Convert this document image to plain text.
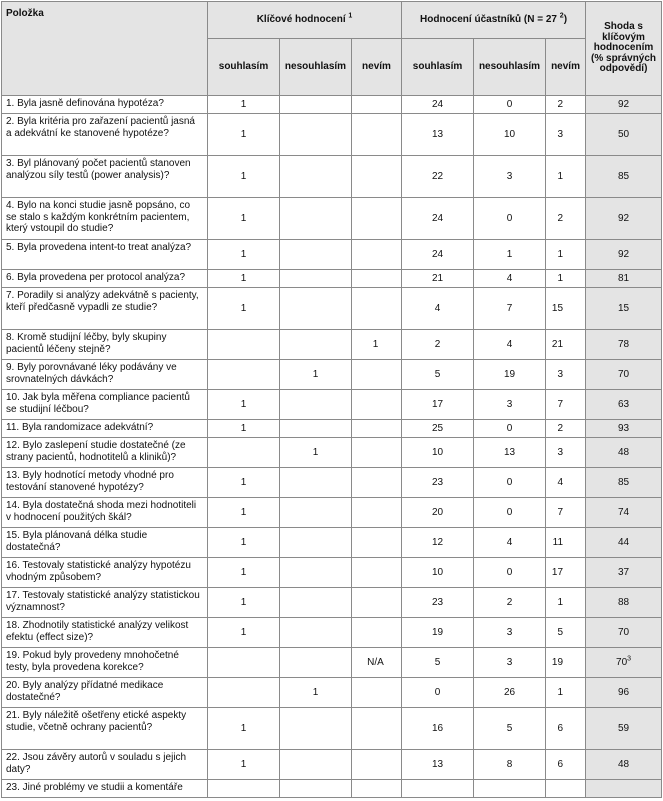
Položka	Klíčové hodnocení $^1$			Hodnocení účastníků (N = 27 $^2$)			Shoda s klíčovým hodnocením (% správných odpovědí)
	souhlasím	nesouhlasím	nevím	souhlasím	nesouhlasím	nevím	
1. Byla jasně definována hypotéza?	1			24	0	2	92
2. Byla kritéria pro zařazení pacientů jasná a adekvátní ke stanovené hypotéze?	1			13	10	3	50
3. Byl plánovaný počet pacientů stanoven analýzou síly testů (power analysis)?	1			22	3	1	85
4. Bylo na konci studie jasně popsáno, co se stalo s každým konkrétním pacientem, který vstoupil do studie?	1			24	0	2	92
5. Byla provedena intent-to treat analýza?	1			24	1	1	92
6. Byla provedena per protocol analýza?	1			21	4	1	81
7. Poradily si analýzy adekvátně s pacienty, kteří předčasně vypadli ze studie?	1			4	7	15	15
8. Kromě studijní léčby, byly skupiny pacientů léčeny stejně?			1	2	4	21	78
9. Byly porovnávané léky podávány ve srovnatelných dávkách?		1		5	19	3	70
10. Jak byla měřena compliance pacientů se studijní léčbou?	1			17	3	7	63
11. Byla randomizace adekvátní?	1			25	0	2	93
12. Bylo zaslepení studie dostatečné (ze strany pacientů, hodnotitelů a kliniků)?		1		10	13	3	48
13. Byly hodnotící metody vhodné pro testování stanovené hypotézy?	1			23	0	4	85
14. Byla dostatečná shoda mezi hodnotiteli v hodnocení použitých škál?	1			20	0	7	74
15. Byla plánovaná délka studie dostatečná?	1			12	4	11	44
16. Testovaly statistické analýzy hypotézu vhodným způsobem?	1			10	0	17	37
17. Testovaly statistické analýzy statistickou významnost?	1			23	2	1	88
18. Zhodnotily statistické analýzy velikost efektu (effect size)?	1			19	3	5	70
19. Pokud byly provedeny mnohočetné testy, byla provedena korekce?			N/A	5	3	19	$70^3$
20. Byly analýzy přídatné medikace dostatečné?		1		0	26	1	96
21. Byly náležitě ošetřeny etické aspekty studie, včetně ochrany pacientů?	1			16	5	6	59
22. Jsou závěry autorů v souladu s jejich daty?	1			13	8	6	48
23. Jiné problémy ve studii a komentáře							
